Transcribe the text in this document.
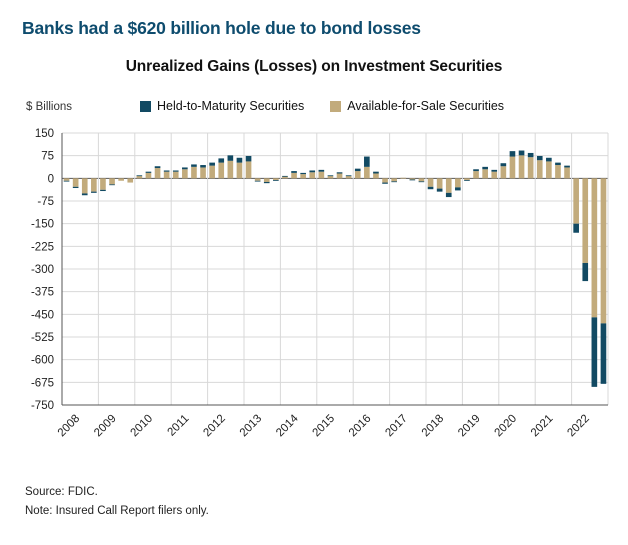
Banks had a $620 billion hole due to bond losses
Unrealized Gains (Losses) on Investment Securities
$ Billions	Held-to-Maturity Securities	Available-for-Sale Securities
150
75
0
-75
-150
-225
-300
-375
-450
-525
-600
-675
-750
2008 2009 2010 2011 2012 2013 2014 2015 2016 2017 2018 2019 2020 2021 2022
Source: FDIC.
Note: Insured Call Report filers only.
